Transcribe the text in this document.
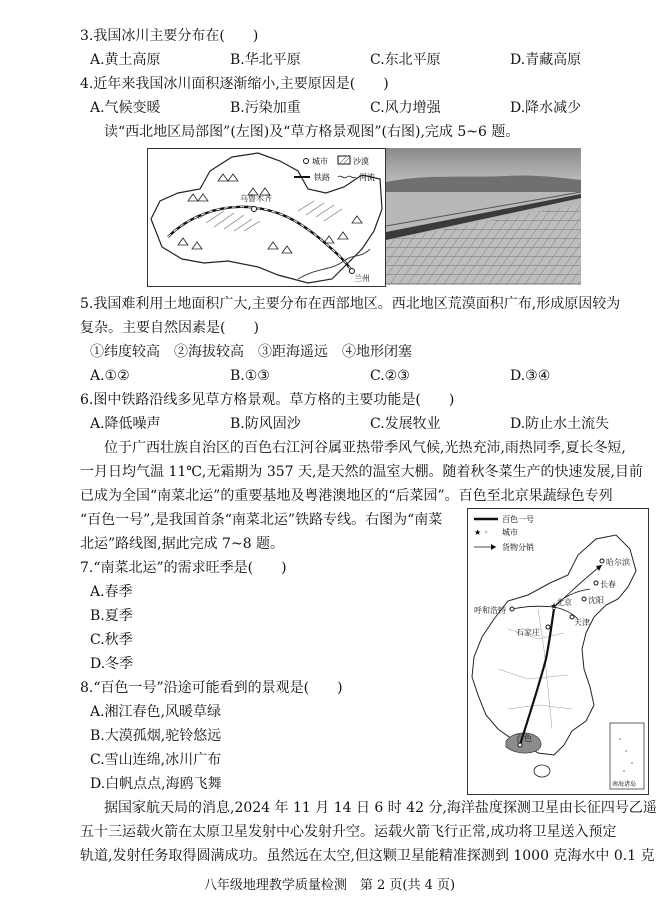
3.我国冰川主要分布在(　　)
A.黄土高原	B.华北平原	C.东北平原	D.青藏高原
4.近年来我国冰川面积逐渐缩小,主要原因是(　　)
A.气候变暖	B.污染加重	C.风力增强	D.降水减少
读“西北地区局部图”(左图)及“草方格景观图”(右图),完成 5~6 题。
乌鲁木齐
兰州
城市	沙漠
铁路	河流
5.我国难利用土地面积广大,主要分布在西部地区。西北地区荒漠面积广布,形成原因较为
复杂。主要自然因素是(　　)
①纬度较高　②海拔较高　③距海遥远　④地形闭塞
A.①②	B.①③	C.②③	D.③④
6.图中铁路沿线多见草方格景观。草方格的主要功能是(　　)
A.降低噪声	B.防风固沙	C.发展牧业	D.防止水土流失
位于广西壮族自治区的百色右江河谷属亚热带季风气候,光热充沛,雨热同季,夏长冬短,
一月日均气温 11℃,无霜期为 357 天,是天然的温室大棚。随着秋冬菜生产的快速发展,目前
已成为全国“南菜北运”的重要基地及粤港澳地区的“后菜园”。百色至北京果蔬绿色专列
“百色一号”,是我国首条“南菜北运”铁路专线。右图为“南菜
北运”路线图,据此完成 7~8 题。
7.“南菜北运”的需求旺季是(　　)
A.春季
B.夏季
C.秋季
D.冬季
8.“百色一号”沿途可能看到的景观是(　　)
A.湘江春色,风暖草绿
B.大漠孤烟,驼铃悠远
C.雪山连绵,冰川广布
D.白帆点点,海鸥飞舞
百色一号
★ ◦ 城市
货物分销
哈尔滨
长春
沈阳
呼和浩特	★
北京
天津
石家庄
百色
南海诸岛
据国家航天局的消息,2024 年 11 月 14 日 6 时 42 分,海洋盐度探测卫星由长征四号乙遥
五十三运载火箭在太原卫星发射中心发射升空。运载火箭飞行正常,成功将卫星送入预定
轨道,发射任务取得圆满成功。虽然远在太空,但这颗卫星能精准探测到 1000 克海水中 0.1 克
八年级地理教学质量检测　第 2 页(共 4 页)
